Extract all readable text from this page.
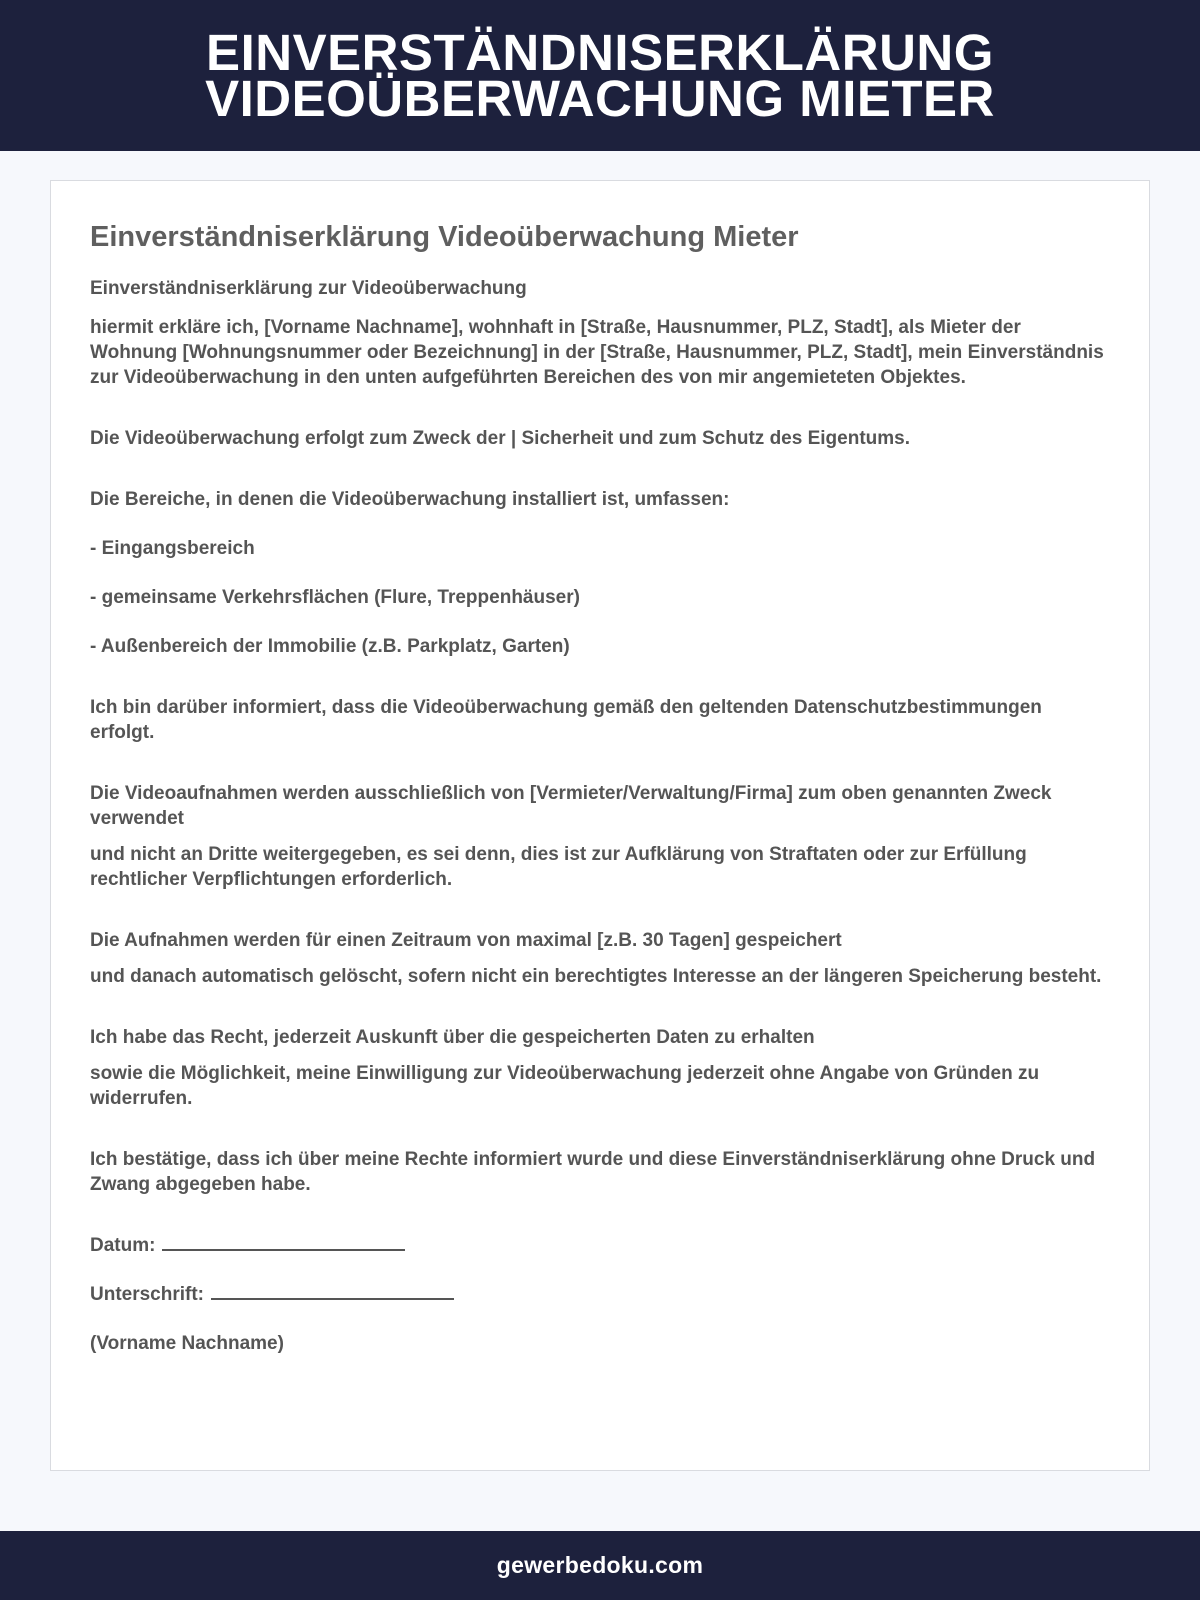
EINVERSTÄNDNISERKLÄRUNG
VIDEOÜBERWACHUNG MIETER
Einverständniserklärung Videoüberwachung Mieter
Einverständniserklärung zur Videoüberwachung
hiermit erkläre ich, [Vorname Nachname], wohnhaft in [Straße, Hausnummer, PLZ, Stadt], als Mieter der Wohnung [Wohnungsnummer oder Bezeichnung] in der [Straße, Hausnummer, PLZ, Stadt], mein Einverständnis zur Videoüberwachung in den unten aufgeführten Bereichen des von mir angemieteten Objektes.
Die Videoüberwachung erfolgt zum Zweck der | Sicherheit und zum Schutz des Eigentums.
Die Bereiche, in denen die Videoüberwachung installiert ist, umfassen:
- Eingangsbereich
- gemeinsame Verkehrsflächen (Flure, Treppenhäuser)
- Außenbereich der Immobilie (z.B. Parkplatz, Garten)
Ich bin darüber informiert, dass die Videoüberwachung gemäß den geltenden Datenschutzbestimmungen erfolgt.
Die Videoaufnahmen werden ausschließlich von [Vermieter/Verwaltung/Firma] zum oben genannten Zweck verwendet
und nicht an Dritte weitergegeben, es sei denn, dies ist zur Aufklärung von Straftaten oder zur Erfüllung rechtlicher Verpflichtungen erforderlich.
Die Aufnahmen werden für einen Zeitraum von maximal [z.B. 30 Tagen] gespeichert
und danach automatisch gelöscht, sofern nicht ein berechtigtes Interesse an der längeren Speicherung besteht.
Ich habe das Recht, jederzeit Auskunft über die gespeicherten Daten zu erhalten
sowie die Möglichkeit, meine Einwilligung zur Videoüberwachung jederzeit ohne Angabe von Gründen zu widerrufen.
Ich bestätige, dass ich über meine Rechte informiert wurde und diese Einverständniserklärung ohne Druck und Zwang abgegeben habe.
Datum:
Unterschrift:
(Vorname Nachname)
gewerbedoku.com
